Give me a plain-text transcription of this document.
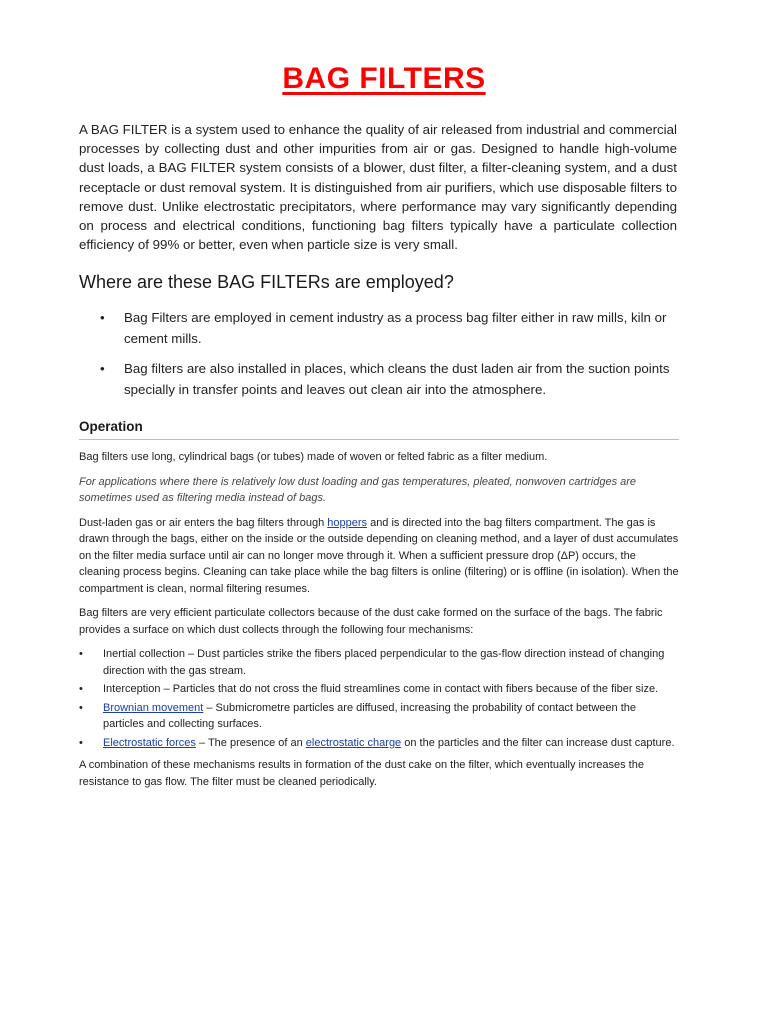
BAG FILTERS

A BAG FILTER is a system used to enhance the quality of air released from industrial and commercial processes by collecting dust and other impurities from air or gas. Designed to handle high-volume dust loads, a BAG FILTER system consists of a blower, dust filter, a filter-cleaning system, and a dust receptacle or dust removal system. It is distinguished from air purifiers, which use disposable filters to remove dust. Unlike electrostatic precipitators, where performance may vary significantly depending on process and electrical conditions, functioning bag filters typically have a particulate collection efficiency of 99% or better, even when particle size is very small.

Where are these BAG FILTERs are employed?
• Bag Filters are employed in cement industry as a process bag filter either in raw mills, kiln or cement mills.
• Bag filters are also installed in places, which cleans the dust laden air from the suction points specially in transfer points and leaves out clean air into the atmosphere.
Operation

Bag filters use long, cylindrical bags (or tubes) made of woven or felted fabric as a filter medium.

For applications where there is relatively low dust loading and gas temperatures, pleated, nonwoven cartridges are sometimes used as filtering media instead of bags.

Dust-laden gas or air enters the bag filters through hoppers and is directed into the bag filters compartment. The gas is drawn through the bags, either on the inside or the outside depending on cleaning method, and a layer of dust accumulates on the filter media surface until air can no longer move through it. When a sufficient pressure drop (ΔP) occurs, the cleaning process begins. Cleaning can take place while the bag filters is online (filtering) or is offline (in isolation). When the compartment is clean, normal filtering resumes.

Bag filters are very efficient particulate collectors because of the dust cake formed on the surface of the bags. The fabric provides a surface on which dust collects through the following four mechanisms:

• Inertial collection – Dust particles strike the fibers placed perpendicular to the gas-flow direction instead of changing direction with the gas stream.
• Interception – Particles that do not cross the fluid streamlines come in contact with fibers because of the fiber size.
• Brownian movement – Submicrometre particles are diffused, increasing the probability of contact between the particles and collecting surfaces.
• Electrostatic forces – The presence of an electrostatic charge on the particles and the filter can increase dust capture.

A combination of these mechanisms results in formation of the dust cake on the filter, which eventually increases the resistance to gas flow. The filter must be cleaned periodically.
